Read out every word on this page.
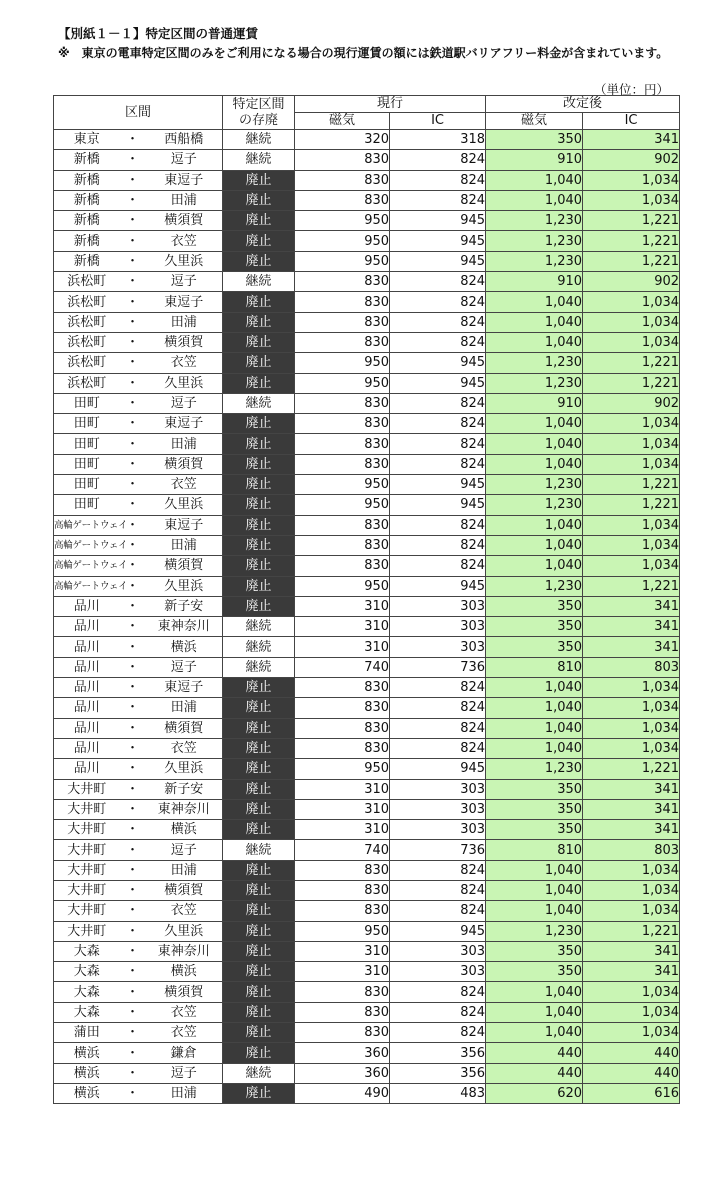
【別紙１－１】特定区間の普通運賃
※　東京の電車特定区間のみをご利用になる場合の現行運賃の額には鉄道駅バリアフリー料金が含まれています。
（単位：円）
区間			特定区間の存廃	現行		改定後	
				磁気	IC	磁気	IC
東京	・	西船橋	継続	320	318	350	341
新橋	・	逗子	継続	830	824	910	902
新橋	・	東逗子	廃止	830	824	1,040	1,034
新橋	・	田浦	廃止	830	824	1,040	1,034
新橋	・	横須賀	廃止	950	945	1,230	1,221
新橋	・	衣笠	廃止	950	945	1,230	1,221
新橋	・	久里浜	廃止	950	945	1,230	1,221
浜松町	・	逗子	継続	830	824	910	902
浜松町	・	東逗子	廃止	830	824	1,040	1,034
浜松町	・	田浦	廃止	830	824	1,040	1,034
浜松町	・	横須賀	廃止	830	824	1,040	1,034
浜松町	・	衣笠	廃止	950	945	1,230	1,221
浜松町	・	久里浜	廃止	950	945	1,230	1,221
田町	・	逗子	継続	830	824	910	902
田町	・	東逗子	廃止	830	824	1,040	1,034
田町	・	田浦	廃止	830	824	1,040	1,034
田町	・	横須賀	廃止	830	824	1,040	1,034
田町	・	衣笠	廃止	950	945	1,230	1,221
田町	・	久里浜	廃止	950	945	1,230	1,221
高輪ゲートウェイ	・	東逗子	廃止	830	824	1,040	1,034
高輪ゲートウェイ	・	田浦	廃止	830	824	1,040	1,034
高輪ゲートウェイ	・	横須賀	廃止	830	824	1,040	1,034
高輪ゲートウェイ	・	久里浜	廃止	950	945	1,230	1,221
品川	・	新子安	廃止	310	303	350	341
品川	・	東神奈川	継続	310	303	350	341
品川	・	横浜	継続	310	303	350	341
品川	・	逗子	継続	740	736	810	803
品川	・	東逗子	廃止	830	824	1,040	1,034
品川	・	田浦	廃止	830	824	1,040	1,034
品川	・	横須賀	廃止	830	824	1,040	1,034
品川	・	衣笠	廃止	830	824	1,040	1,034
品川	・	久里浜	廃止	950	945	1,230	1,221
大井町	・	新子安	廃止	310	303	350	341
大井町	・	東神奈川	廃止	310	303	350	341
大井町	・	横浜	廃止	310	303	350	341
大井町	・	逗子	継続	740	736	810	803
大井町	・	田浦	廃止	830	824	1,040	1,034
大井町	・	横須賀	廃止	830	824	1,040	1,034
大井町	・	衣笠	廃止	830	824	1,040	1,034
大井町	・	久里浜	廃止	950	945	1,230	1,221
大森	・	東神奈川	廃止	310	303	350	341
大森	・	横浜	廃止	310	303	350	341
大森	・	横須賀	廃止	830	824	1,040	1,034
大森	・	衣笠	廃止	830	824	1,040	1,034
蒲田	・	衣笠	廃止	830	824	1,040	1,034
横浜	・	鎌倉	廃止	360	356	440	440
横浜	・	逗子	継続	360	356	440	440
横浜	・	田浦	廃止	490	483	620	616
